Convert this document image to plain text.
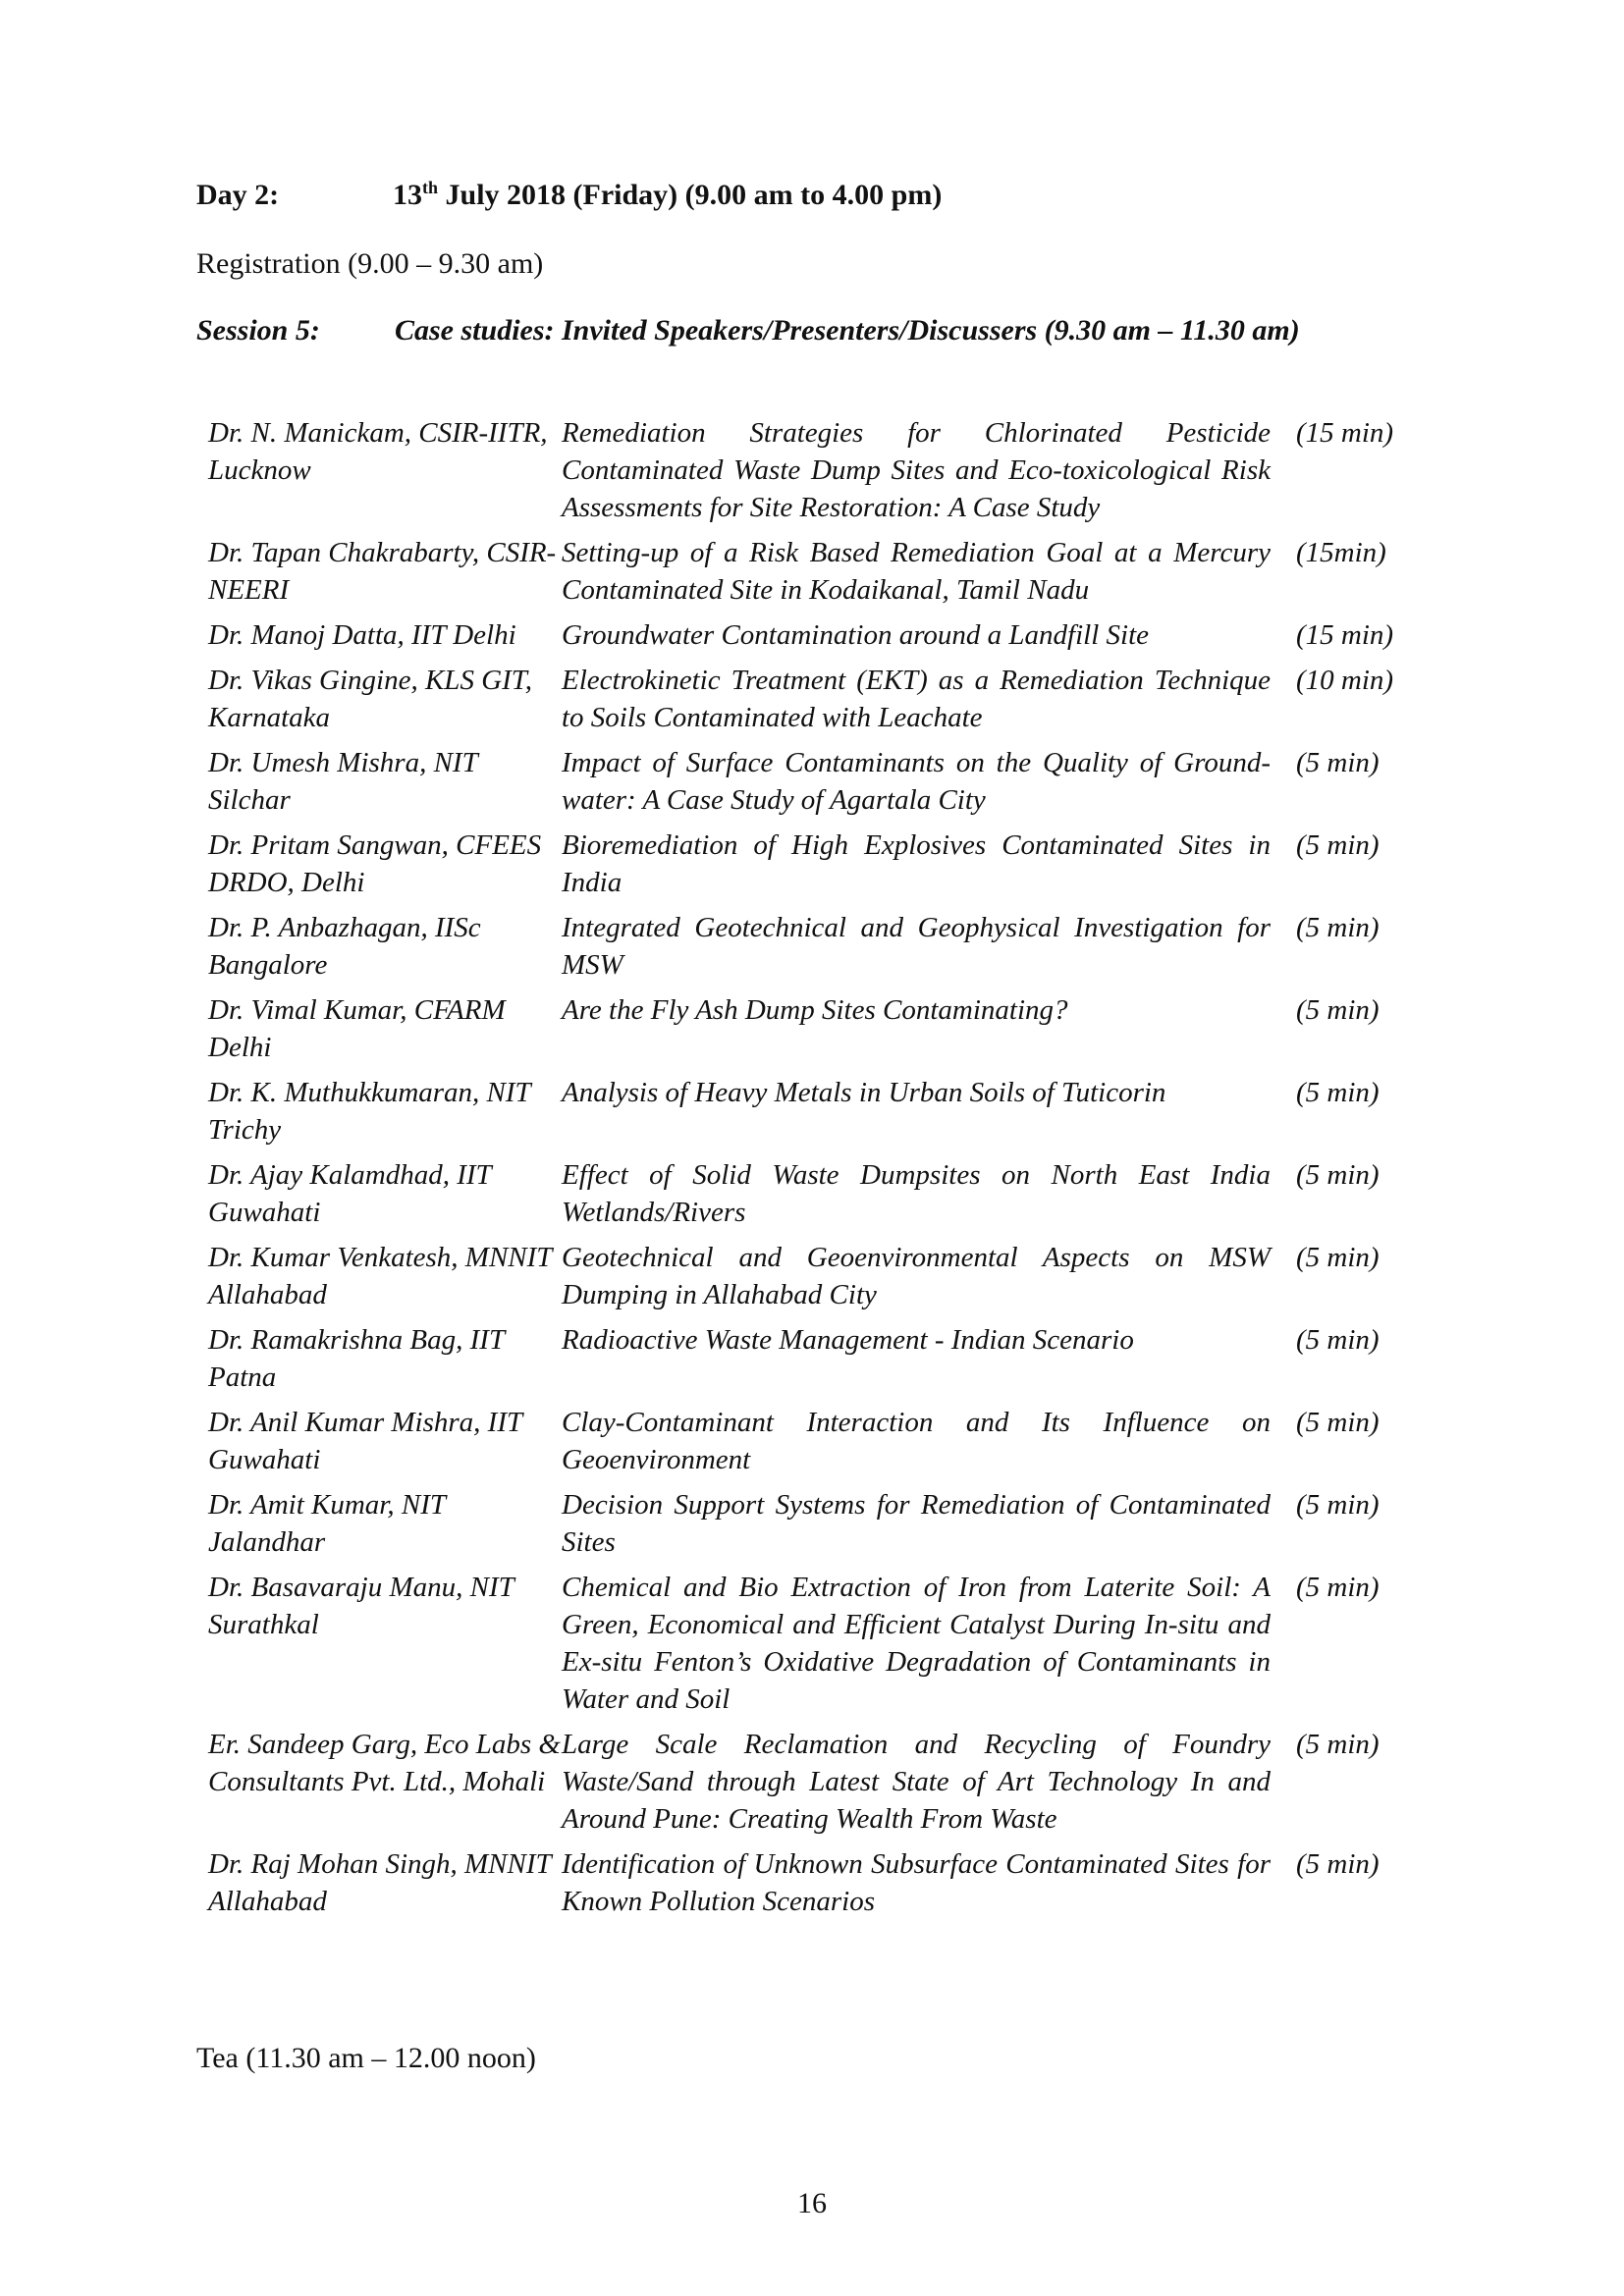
Day 2:	13th July 2018 (Friday) (9.00 am to 4.00 pm)
Registration (9.00 – 9.30 am)
Session 5:	Case studies: Invited Speakers/Presenters/Discussers (9.30 am – 11.30 am)
Dr. N. Manickam, CSIR-IITR, Lucknow	Remediation Strategies for Chlorinated Pesticide Contaminated Waste Dump Sites and Eco-toxicological Risk Assessments for Site Restoration: A Case Study	(15 min)
Dr. Tapan Chakrabarty, CSIR-NEERI	Setting-up of a Risk Based Remediation Goal at a Mercury Contaminated Site in Kodaikanal, Tamil Nadu	(15min)
Dr. Manoj Datta, IIT Delhi	Groundwater Contamination around a Landfill Site	(15 min)
Dr. Vikas Gingine, KLS GIT, Karnataka	Electrokinetic Treatment (EKT) as a Remediation Technique to Soils Contaminated with Leachate	(10 min)
Dr. Umesh Mishra, NIT Silchar	Impact of Surface Contaminants on the Quality of Ground-water: A Case Study of Agartala City	(5 min)
Dr. Pritam Sangwan, CFEES DRDO, Delhi	Bioremediation of High Explosives Contaminated Sites in India	(5 min)
Dr. P. Anbazhagan, IISc Bangalore	Integrated Geotechnical and Geophysical Investigation for MSW	(5 min)
Dr. Vimal Kumar, CFARM Delhi	Are the Fly Ash Dump Sites Contaminating?	(5 min)
Dr. K. Muthukkumaran, NIT Trichy	Analysis of Heavy Metals in Urban Soils of Tuticorin	(5 min)
Dr. Ajay Kalamdhad, IIT Guwahati	Effect of Solid Waste Dumpsites on North East India Wetlands/Rivers	(5 min)
Dr. Kumar Venkatesh, MNNIT Allahabad	Geotechnical and Geoenvironmental Aspects on MSW Dumping in Allahabad City	(5 min)
Dr. Ramakrishna Bag, IIT Patna	Radioactive Waste Management - Indian Scenario	(5 min)
Dr. Anil Kumar Mishra, IIT Guwahati	Clay-Contaminant Interaction and Its Influence on Geoenvironment	(5 min)
Dr. Amit Kumar, NIT Jalandhar	Decision Support Systems for Remediation of Contaminated Sites	(5 min)
Dr. Basavaraju Manu, NIT Surathkal	Chemical and Bio Extraction of Iron from Laterite Soil: A Green, Economical and Efficient Catalyst During In-situ and Ex-situ Fenton’s Oxidative Degradation of Contaminants in Water and Soil	(5 min)
Er. Sandeep Garg, Eco Labs & Consultants Pvt. Ltd., Mohali	Large Scale Reclamation and Recycling of Foundry Waste/Sand through Latest State of Art Technology In and Around Pune: Creating Wealth From Waste	(5 min)
Dr. Raj Mohan Singh, MNNIT Allahabad	Identification of Unknown Subsurface Contaminated Sites for Known Pollution Scenarios	(5 min)
Tea (11.30 am – 12.00 noon)
16
